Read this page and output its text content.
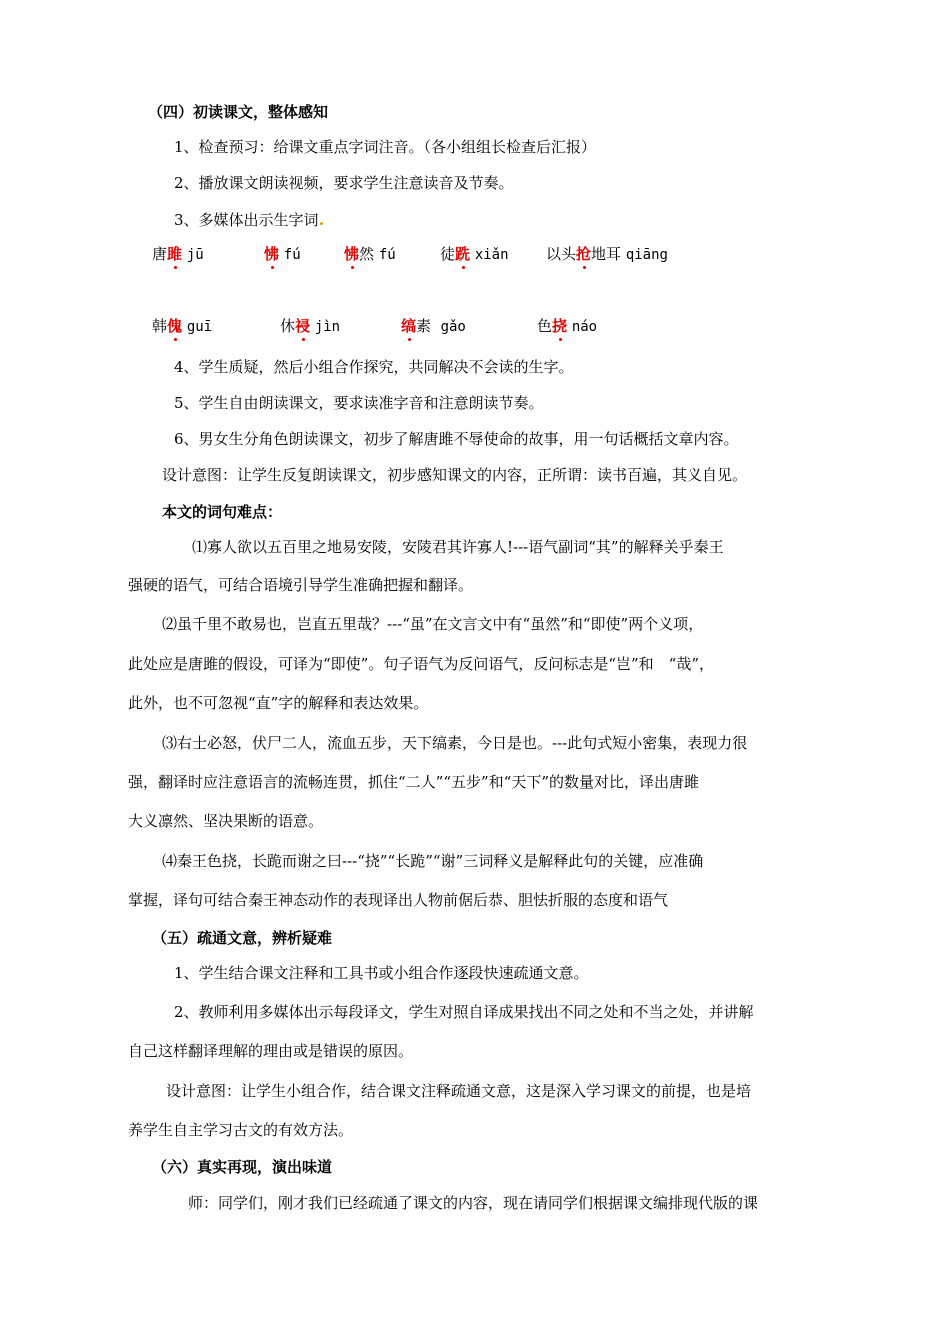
（四）初读课文，整体感知
1、检查预习：给课文重点字词注音。（各小组组长检查后汇报）
2、播放课文朗读视频，要求学生注意读音及节奏。
3、多媒体出示生字词
唐雎 jū	怫 fú	怫然 fú	徒跣 xiǎn 以头抢地耳 qiāng
韩傀 guī	休祲 jìn	缟素 gǎo	色挠 náo
4、学生质疑，然后小组合作探究，共同解决不会读的生字。
5、学生自由朗读课文，要求读准字音和注意朗读节奏。
6、男女生分角色朗读课文，初步了解唐雎不辱使命的故事，用一句话概括文章内容。
设计意图：让学生反复朗读课文，初步感知课文的内容，正所谓：读书百遍，其义自见。
本文的词句难点：
⑴寡人欲以五百里之地易安陵，安陵君其许寡人!---语气副词“其”的解释关乎秦王
强硬的语气，可结合语境引导学生准确把握和翻译。
⑵虽千里不敢易也，岂直五里哉？---“虽”在文言文中有“虽然”和“即使”两个义项，
此处应是唐雎的假设，可译为“即使”。句子语气为反问语气，反问标志是“岂”和　“哉”，
此外，也不可忽视“直”字的解释和表达效果。
⑶右士必怒，伏尸二人，流血五步，天下缟素，今日是也。---此句式短小密集，表现力很
强，翻译时应注意语言的流畅连贯，抓住“二人”“五步”和“天下”的数量对比，译出唐雎
大义凛然、坚决果断的语意。
⑷秦王色挠，长跪而谢之曰---“挠”“长跪”“谢”三词释义是解释此句的关键，应准确
掌握，译句可结合秦王神态动作的表现译出人物前倨后恭、胆怯折服的态度和语气
（五）疏通文意，辨析疑难
1、学生结合课文注释和工具书或小组合作逐段快速疏通文意。
2、教师利用多媒体出示每段译文，学生对照自译成果找出不同之处和不当之处，并讲解
自己这样翻译理解的理由或是错误的原因。
设计意图：让学生小组合作，结合课文注释疏通文意，这是深入学习课文的前提，也是培
养学生自主学习古文的有效方法。
（六）真实再现，演出味道
师：同学们，刚才我们已经疏通了课文的内容，现在请同学们根据课文编排现代版的课
